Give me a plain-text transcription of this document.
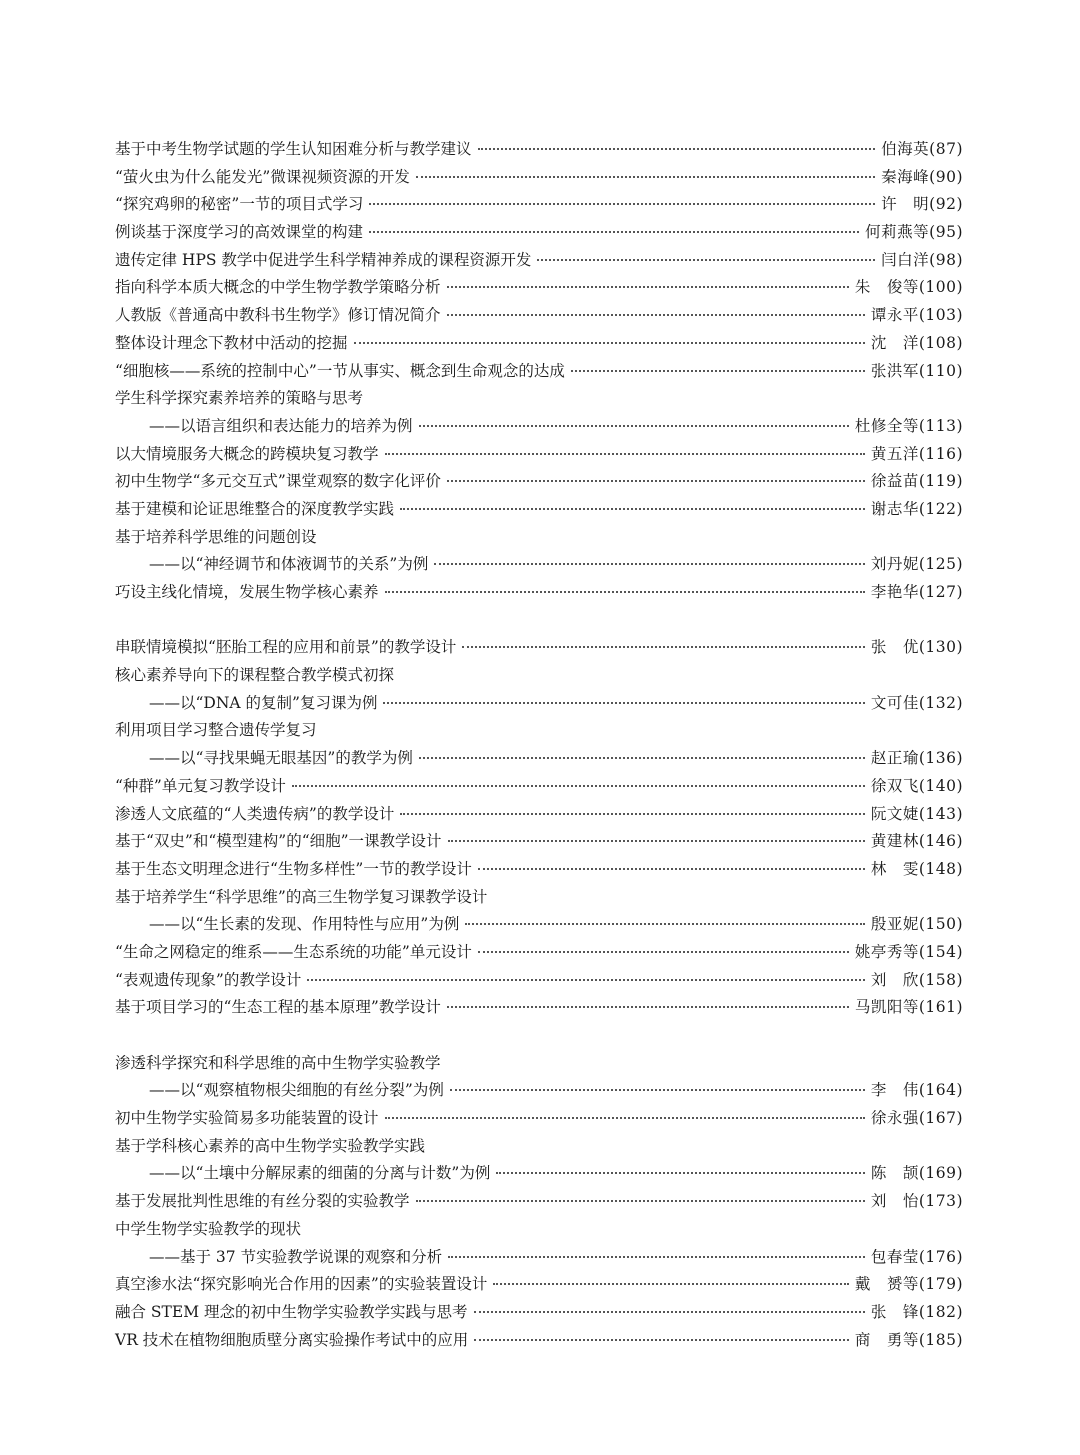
基于中考生物学试题的学生认知困难分析与教学建议	伯海英(87)
“萤火虫为什么能发光”微课视频资源的开发	秦海峰(90)
“探究鸡卵的秘密”一节的项目式学习	许　明(92)
例谈基于深度学习的高效课堂的构建	何莉燕等(95)
遗传定律 HPS 教学中促进学生科学精神养成的课程资源开发	闫白洋(98)
指向科学本质大概念的中学生物学教学策略分析	朱　俊等(100)
人教版《普通高中教科书生物学》修订情况简介	谭永平(103)
整体设计理念下教材中活动的挖掘	沈　洋(108)
“细胞核——系统的控制中心”一节从事实、概念到生命观念的达成	张洪军(110)
学生科学探究素养培养的策略与思考
——以语言组织和表达能力的培养为例	杜修全等(113)
以大情境服务大概念的跨模块复习教学	黄五洋(116)
初中生物学“多元交互式”课堂观察的数字化评价	徐益苗(119)
基于建模和论证思维整合的深度教学实践	谢志华(122)
基于培养科学思维的问题创设
——以“神经调节和体液调节的关系”为例	刘丹妮(125)
巧设主线化情境，发展生物学核心素养	李艳华(127)
串联情境模拟“胚胎工程的应用和前景”的教学设计	张　优(130)
核心素养导向下的课程整合教学模式初探
——以“DNA 的复制”复习课为例	文可佳(132)
利用项目学习整合遗传学复习
——以“寻找果蝇无眼基因”的教学为例	赵正瑜(136)
“种群”单元复习教学设计	徐双飞(140)
渗透人文底蕴的“人类遗传病”的教学设计	阮文婕(143)
基于“双史”和“模型建构”的“细胞”一课教学设计	黄建林(146)
基于生态文明理念进行“生物多样性”一节的教学设计	林　雯(148)
基于培养学生“科学思维”的高三生物学复习课教学设计
——以“生长素的发现、作用特性与应用”为例	殷亚妮(150)
“生命之网稳定的维系——生态系统的功能”单元设计	姚亭秀等(154)
“表观遗传现象”的教学设计	刘　欣(158)
基于项目学习的“生态工程的基本原理”教学设计	马凯阳等(161)
渗透科学探究和科学思维的高中生物学实验教学
——以“观察植物根尖细胞的有丝分裂”为例	李　伟(164)
初中生物学实验简易多功能装置的设计	徐永强(167)
基于学科核心素养的高中生物学实验教学实践
——以“土壤中分解尿素的细菌的分离与计数”为例	陈　颉(169)
基于发展批判性思维的有丝分裂的实验教学	刘　怡(173)
中学生物学实验教学的现状
——基于 37 节实验教学说课的观察和分析	包春莹(176)
真空渗水法“探究影响光合作用的因素”的实验装置设计	戴　赟等(179)
融合 STEM 理念的初中生物学实验教学实践与思考	张　锋(182)
VR 技术在植物细胞质壁分离实验操作考试中的应用	商　勇等(185)
